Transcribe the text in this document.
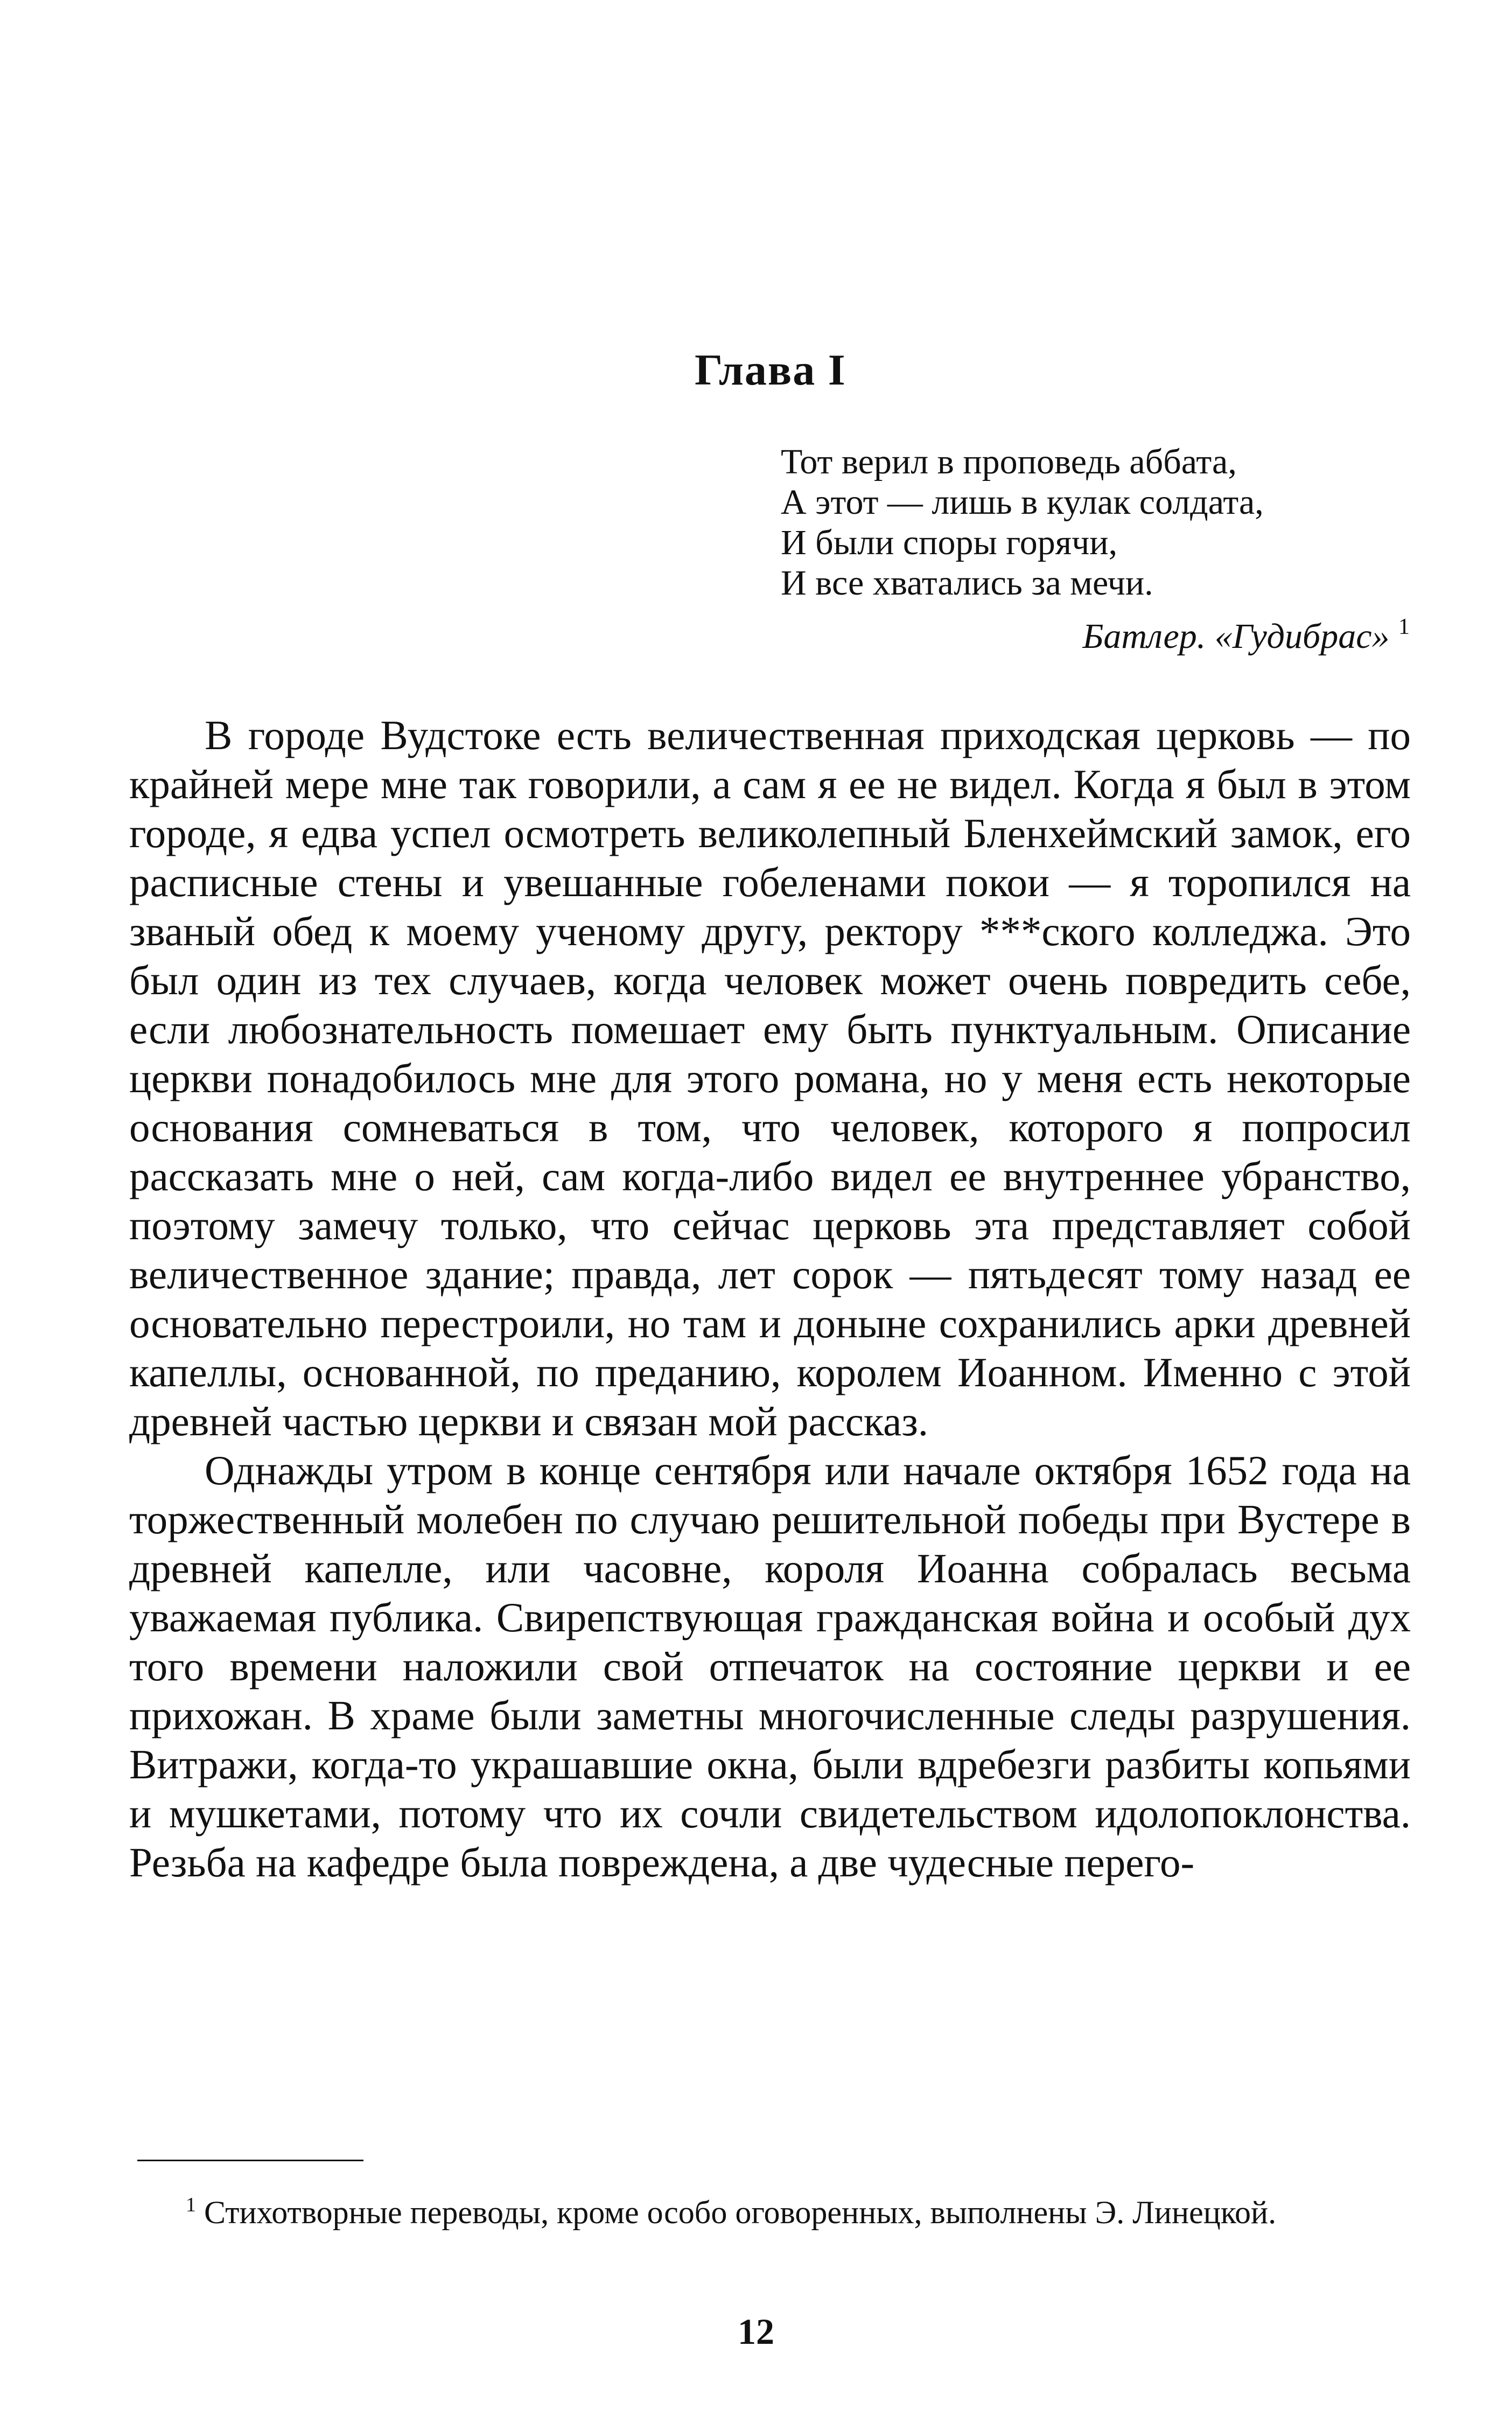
Глава I
Тот верил в проповедь аббата,
А этот — лишь в кулак солдата,
И были споры горячи,
И все хватались за мечи.
Батлер. «Гудибрас» $^1$

В городе Вудстоке есть величественная приходская церковь — по крайней мере мне так говорили, а сам я ее не видел. Когда я был в этом городе, я едва успел осмотреть великолепный Бленхеймский замок, его расписные стены и увешанные гобеленами покои — я торопился на званый обед к моему ученому другу, ректору ***ского колледжа. Это был один из тех случаев, когда человек может очень повредить себе, если любознательность помешает ему быть пунктуальным. Описание церкви понадобилось мне для этого романа, но у меня есть некоторые основания сомневаться в том, что человек, которого я попросил рассказать мне о ней, сам когда-либо видел ее внутреннее убранство, поэтому замечу только, что сейчас церковь эта представляет собой величественное здание; правда, лет сорок — пятьдесят тому назад ее основательно перестроили, но там и доныне сохранились арки древней капеллы, основанной, по преданию, королем Иоанном. Именно с этой древней частью церкви и связан мой рассказ.

Однажды утром в конце сентября или начале октября 1652 года на торжественный молебен по случаю решительной победы при Вустере в древней капелле, или часовне, короля Иоанна собралась весьма уважаемая публика. Свирепствующая гражданская война и особый дух того времени наложили свой отпечаток на состояние церкви и ее прихожан. В храме были заметны многочисленные следы разрушения. Витражи, когда-то украшавшие окна, были вдребезги разбиты копьями и мушкетами, потому что их сочли свидетельством идолопоклонства. Резьба на кафедре была повреждена, а две чудесные перего-

$^1$ Стихотворные переводы, кроме особо оговоренных, выполнены Э. Линецкой.
12
